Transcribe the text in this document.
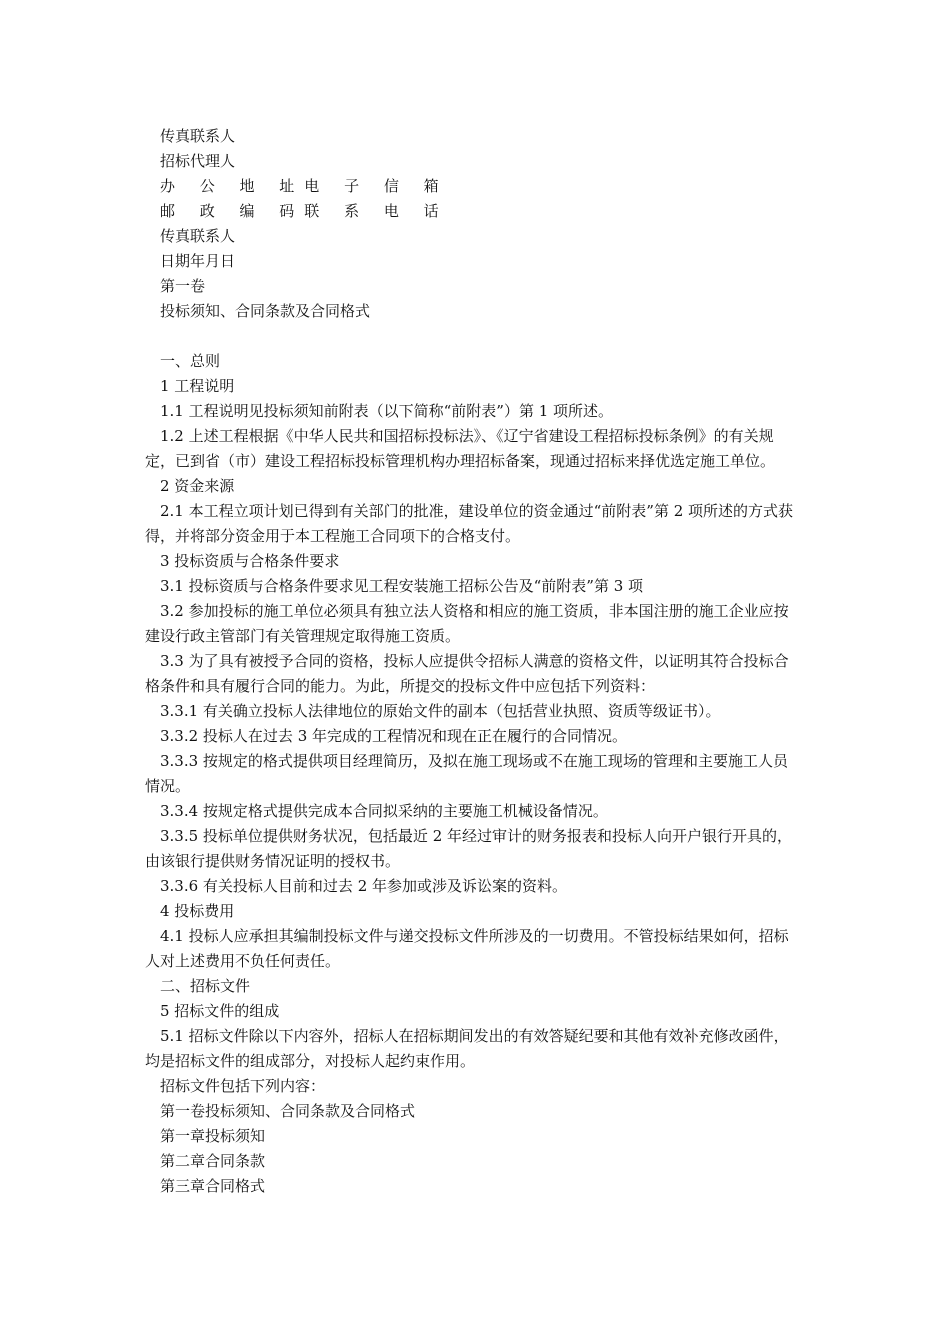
传真联系人

招标代理人

办 公 地 址电 子 信 箱

邮 政 编 码联 系 电 话

传真联系人

日期年月日

第一卷

投标须知、合同条款及合同格式

一、总则

1 工程说明

1.1 工程说明见投标须知前附表（以下简称“前附表”）第 1 项所述。

1.2 上述工程根据《中华人民共和国招标投标法》、《辽宁省建设工程招标投标条例》的有关规定，已到省（市）建设工程招标投标管理机构办理招标备案，现通过招标来择优选定施工单位。

2 资金来源

2.1 本工程立项计划已得到有关部门的批准，建设单位的资金通过“前附表”第 2 项所述的方式获得，并将部分资金用于本工程施工合同项下的合格支付。

3 投标资质与合格条件要求

3.1 投标资质与合格条件要求见工程安装施工招标公告及“前附表”第 3 项

3.2 参加投标的施工单位必须具有独立法人资格和相应的施工资质，非本国注册的施工企业应按建设行政主管部门有关管理规定取得施工资质。

3.3 为了具有被授予合同的资格，投标人应提供令招标人满意的资格文件，以证明其符合投标合格条件和具有履行合同的能力。为此，所提交的投标文件中应包括下列资料：

3.3.1 有关确立投标人法律地位的原始文件的副本（包括营业执照、资质等级证书）。

3.3.2 投标人在过去 3 年完成的工程情况和现在正在履行的合同情况。

3.3.3 按规定的格式提供项目经理简历，及拟在施工现场或不在施工现场的管理和主要施工人员情况。

3.3.4 按规定格式提供完成本合同拟采纳的主要施工机械设备情况。

3.3.5 投标单位提供财务状况，包括最近 2 年经过审计的财务报表和投标人向开户银行开具的，由该银行提供财务情况证明的授权书。

3.3.6 有关投标人目前和过去 2 年参加或涉及诉讼案的资料。

4 投标费用

4.1 投标人应承担其编制投标文件与递交投标文件所涉及的一切费用。不管投标结果如何，招标人对上述费用不负任何责任。

二、招标文件

5 招标文件的组成

5.1 招标文件除以下内容外，招标人在招标期间发出的有效答疑纪要和其他有效补充修改函件，均是招标文件的组成部分，对投标人起约束作用。

招标文件包括下列内容：

第一卷投标须知、合同条款及合同格式

第一章投标须知

第二章合同条款

第三章合同格式
